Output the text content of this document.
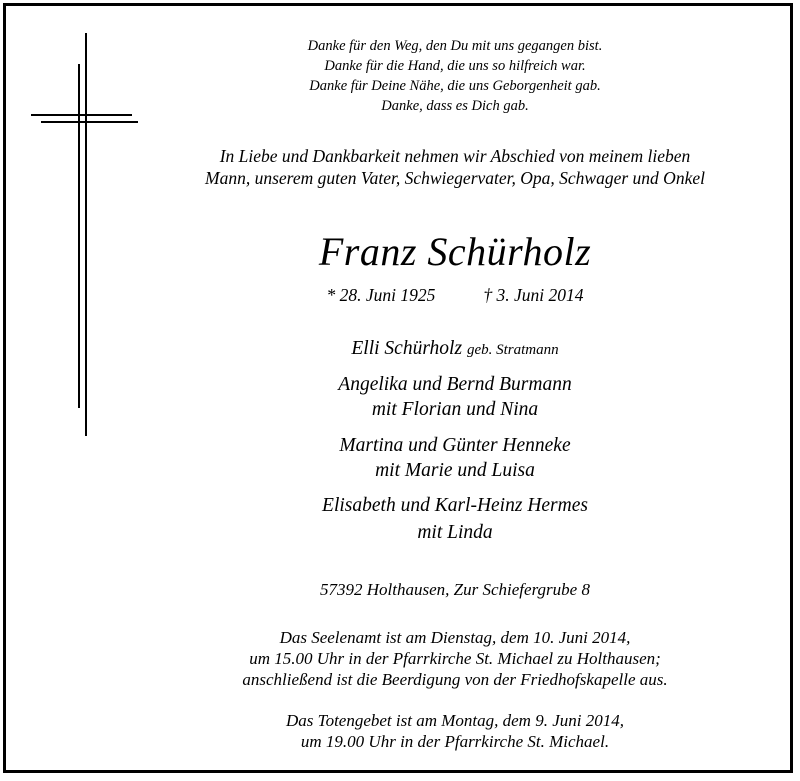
Danke für den Weg, den Du mit uns gegangen bist.
Danke für die Hand, die uns so hilfreich war.
Danke für Deine Nähe, die uns Geborgenheit gab.
Danke, dass es Dich gab.
In Liebe und Dankbarkeit nehmen wir Abschied von meinem lieben
Mann, unserem guten Vater, Schwiegervater, Opa, Schwager und Onkel
Franz Schürholz
* 28. Juni 1925	† 3. Juni 2014
Elli Schürholz geb. Stratmann
Angelika und Bernd Burmann
mit Florian und Nina
Martina und Günter Henneke
mit Marie und Luisa
Elisabeth und Karl-Heinz Hermes
mit Linda
57392 Holthausen, Zur Schiefergrube 8
Das Seelenamt ist am Dienstag, dem 10. Juni 2014,
um 15.00 Uhr in der Pfarrkirche St. Michael zu Holthausen;
anschließend ist die Beerdigung von der Friedhofskapelle aus.
Das Totengebet ist am Montag, dem 9. Juni 2014,
um 19.00 Uhr in der Pfarrkirche St. Michael.
